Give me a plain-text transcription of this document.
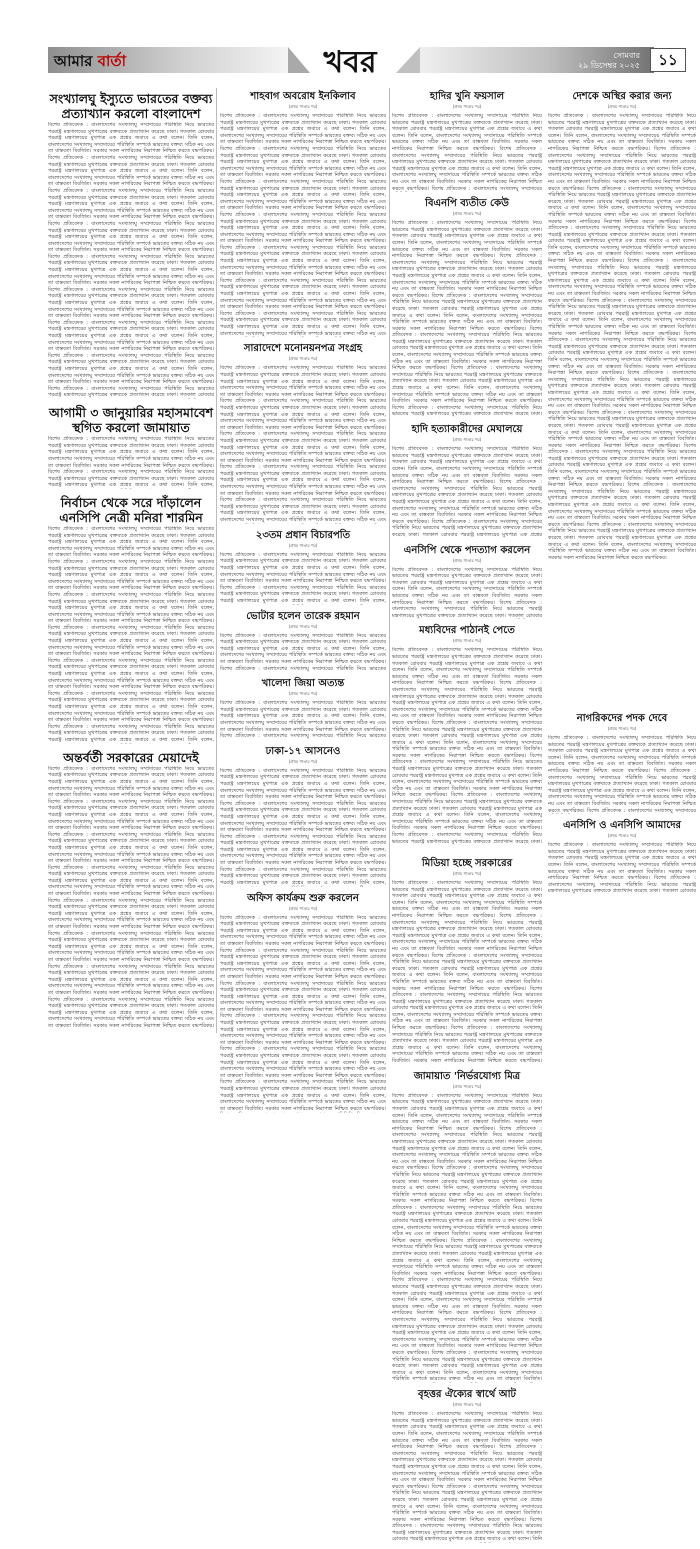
আমার বার্তা	খবর	সোমবার
২৯ ডিসেম্বর ২০২৫	১১
সংখ্যালঘু ইস্যুতে ভারতের বক্তব্য প্রত্যাখ্যান করলো বাংলাদেশ
বিশেষ প্রতিবেদক : বাংলাদেশের সংখ্যালঘু সম্প্রদায়ের পরিস্থিতি নিয়ে ভারতের পররাষ্ট্র মন্ত্রণালয়ের মুখপাত্রের বক্তব্যকে প্রত্যাখ্যান করেছে ঢাকা। গতকাল রোববার পররাষ্ট্র মন্ত্রণালয়ের মুখপাত্র এক প্রশ্নের জবাবে এ কথা বলেন। তিনি বলেন, বাংলাদেশের সংখ্যালঘু সম্প্রদায়ের পরিস্থিতি সম্পর্কে ভারতের বক্তব্য সঠিক নয় এবং তা বাস্তবতা বিবর্জিত। সরকার সকল নাগরিকের নিরাপত্তা নিশ্চিত করতে বদ্ধপরিকর। বিশেষ প্রতিবেদক : বাংলাদেশের সংখ্যালঘু সম্প্রদায়ের পরিস্থিতি নিয়ে ভারতের পররাষ্ট্র মন্ত্রণালয়ের মুখপাত্রের বক্তব্যকে প্রত্যাখ্যান করেছে ঢাকা। গতকাল রোববার পররাষ্ট্র মন্ত্রণালয়ের মুখপাত্র এক প্রশ্নের জবাবে এ কথা বলেন। তিনি বলেন, বাংলাদেশের সংখ্যালঘু সম্প্রদায়ের পরিস্থিতি সম্পর্কে ভারতের বক্তব্য সঠিক নয় এবং তা বাস্তবতা বিবর্জিত। সরকার সকল নাগরিকের নিরাপত্তা নিশ্চিত করতে বদ্ধপরিকর। বিশেষ প্রতিবেদক : বাংলাদেশের সংখ্যালঘু সম্প্রদায়ের পরিস্থিতি নিয়ে ভারতের পররাষ্ট্র মন্ত্রণালয়ের মুখপাত্রের বক্তব্যকে প্রত্যাখ্যান করেছে ঢাকা। গতকাল রোববার পররাষ্ট্র মন্ত্রণালয়ের মুখপাত্র এক প্রশ্নের জবাবে এ কথা বলেন। তিনি বলেন, বাংলাদেশের সংখ্যালঘু সম্প্রদায়ের পরিস্থিতি সম্পর্কে ভারতের বক্তব্য সঠিক নয় এবং তা বাস্তবতা বিবর্জিত। সরকার সকল নাগরিকের নিরাপত্তা নিশ্চিত করতে বদ্ধপরিকর। বিশেষ প্রতিবেদক : বাংলাদেশের সংখ্যালঘু সম্প্রদায়ের পরিস্থিতি নিয়ে ভারতের পররাষ্ট্র মন্ত্রণালয়ের মুখপাত্রের বক্তব্যকে প্রত্যাখ্যান করেছে ঢাকা। গতকাল রোববার পররাষ্ট্র মন্ত্রণালয়ের মুখপাত্র এক প্রশ্নের জবাবে এ কথা বলেন। তিনি বলেন, বাংলাদেশের সংখ্যালঘু সম্প্রদায়ের পরিস্থিতি সম্পর্কে ভারতের বক্তব্য সঠিক নয় এবং তা বাস্তবতা বিবর্জিত। সরকার সকল নাগরিকের নিরাপত্তা নিশ্চিত করতে বদ্ধপরিকর। বিশেষ প্রতিবেদক : বাংলাদেশের সংখ্যালঘু সম্প্রদায়ের পরিস্থিতি নিয়ে ভারতের পররাষ্ট্র মন্ত্রণালয়ের মুখপাত্রের বক্তব্যকে প্রত্যাখ্যান করেছে ঢাকা। গতকাল রোববার পররাষ্ট্র মন্ত্রণালয়ের মুখপাত্র এক প্রশ্নের জবাবে এ কথা বলেন। তিনি বলেন, বাংলাদেশের সংখ্যালঘু সম্প্রদায়ের পরিস্থিতি সম্পর্কে ভারতের বক্তব্য সঠিক নয় এবং তা বাস্তবতা বিবর্জিত। সরকার সকল নাগরিকের নিরাপত্তা নিশ্চিত করতে বদ্ধপরিকর। বিশেষ প্রতিবেদক : বাংলাদেশের সংখ্যালঘু সম্প্রদায়ের পরিস্থিতি নিয়ে ভারতের পররাষ্ট্র মন্ত্রণালয়ের মুখপাত্রের বক্তব্যকে প্রত্যাখ্যান করেছে ঢাকা। গতকাল রোববার পররাষ্ট্র মন্ত্রণালয়ের মুখপাত্র এক প্রশ্নের জবাবে এ কথা বলেন। তিনি বলেন, বাংলাদেশের সংখ্যালঘু সম্প্রদায়ের পরিস্থিতি সম্পর্কে ভারতের বক্তব্য সঠিক নয় এবং তা বাস্তবতা বিবর্জিত। সরকার সকল নাগরিকের নিরাপত্তা নিশ্চিত করতে বদ্ধপরিকর। বিশেষ প্রতিবেদক : বাংলাদেশের সংখ্যালঘু সম্প্রদায়ের পরিস্থিতি নিয়ে ভারতের পররাষ্ট্র মন্ত্রণালয়ের মুখপাত্রের বক্তব্যকে প্রত্যাখ্যান করেছে ঢাকা। গতকাল রোববার পররাষ্ট্র মন্ত্রণালয়ের মুখপাত্র এক প্রশ্নের জবাবে এ কথা বলেন। তিনি বলেন, বাংলাদেশের সংখ্যালঘু সম্প্রদায়ের পরিস্থিতি সম্পর্কে ভারতের বক্তব্য সঠিক নয় এবং তা বাস্তবতা বিবর্জিত। সরকার সকল নাগরিকের নিরাপত্তা নিশ্চিত করতে বদ্ধপরিকর। বিশেষ প্রতিবেদক : বাংলাদেশের সংখ্যালঘু সম্প্রদায়ের পরিস্থিতি নিয়ে ভারতের পররাষ্ট্র মন্ত্রণালয়ের মুখপাত্রের বক্তব্যকে প্রত্যাখ্যান করেছে ঢাকা। গতকাল রোববার পররাষ্ট্র মন্ত্রণালয়ের মুখপাত্র এক প্রশ্নের জবাবে এ কথা বলেন। তিনি বলেন, বাংলাদেশের সংখ্যালঘু সম্প্রদায়ের পরিস্থিতি সম্পর্কে ভারতের বক্তব্য সঠিক নয় এবং তা বাস্তবতা বিবর্জিত। সরকার সকল নাগরিকের নিরাপত্তা নিশ্চিত করতে বদ্ধপরিকর। বিশেষ প্রতিবেদক : বাংলাদেশের সংখ্যালঘু সম্প্রদায়ের পরিস্থিতি নিয়ে ভারতের পররাষ্ট্র মন্ত্রণালয়ের মুখপাত্রের বক্তব্যকে প্রত্যাখ্যান করেছে ঢাকা। গতকাল রোববার
আগামী ৩ জানুয়ারির মহাসমাবেশ স্থগিত করলো জামায়াত
বিশেষ প্রতিবেদক : বাংলাদেশের সংখ্যালঘু সম্প্রদায়ের পরিস্থিতি নিয়ে ভারতের পররাষ্ট্র মন্ত্রণালয়ের মুখপাত্রের বক্তব্যকে প্রত্যাখ্যান করেছে ঢাকা। গতকাল রোববার পররাষ্ট্র মন্ত্রণালয়ের মুখপাত্র এক প্রশ্নের জবাবে এ কথা বলেন। তিনি বলেন, বাংলাদেশের সংখ্যালঘু সম্প্রদায়ের পরিস্থিতি সম্পর্কে ভারতের বক্তব্য সঠিক নয় এবং তা বাস্তবতা বিবর্জিত। সরকার সকল নাগরিকের নিরাপত্তা নিশ্চিত করতে বদ্ধপরিকর। বিশেষ প্রতিবেদক : বাংলাদেশের সংখ্যালঘু সম্প্রদায়ের পরিস্থিতি নিয়ে ভারতের পররাষ্ট্র মন্ত্রণালয়ের মুখপাত্রের বক্তব্যকে প্রত্যাখ্যান করেছে ঢাকা। গতকাল রোববার পররাষ্ট্র মন্ত্রণালয়ের মুখপাত্র এক প্রশ্নের জবাবে এ কথা বলেন। তিনি বলেন,
নির্বাচন থেকে সরে দাঁড়ালেন এনসিপি নেত্রী মনিরা শারমিন
বিশেষ প্রতিবেদক : বাংলাদেশের সংখ্যালঘু সম্প্রদায়ের পরিস্থিতি নিয়ে ভারতের পররাষ্ট্র মন্ত্রণালয়ের মুখপাত্রের বক্তব্যকে প্রত্যাখ্যান করেছে ঢাকা। গতকাল রোববার পররাষ্ট্র মন্ত্রণালয়ের মুখপাত্র এক প্রশ্নের জবাবে এ কথা বলেন। তিনি বলেন, বাংলাদেশের সংখ্যালঘু সম্প্রদায়ের পরিস্থিতি সম্পর্কে ভারতের বক্তব্য সঠিক নয় এবং তা বাস্তবতা বিবর্জিত। সরকার সকল নাগরিকের নিরাপত্তা নিশ্চিত করতে বদ্ধপরিকর। বিশেষ প্রতিবেদক : বাংলাদেশের সংখ্যালঘু সম্প্রদায়ের পরিস্থিতি নিয়ে ভারতের পররাষ্ট্র মন্ত্রণালয়ের মুখপাত্রের বক্তব্যকে প্রত্যাখ্যান করেছে ঢাকা। গতকাল রোববার পররাষ্ট্র মন্ত্রণালয়ের মুখপাত্র এক প্রশ্নের জবাবে এ কথা বলেন। তিনি বলেন, বাংলাদেশের সংখ্যালঘু সম্প্রদায়ের পরিস্থিতি সম্পর্কে ভারতের বক্তব্য সঠিক নয় এবং তা বাস্তবতা বিবর্জিত। সরকার সকল নাগরিকের নিরাপত্তা নিশ্চিত করতে বদ্ধপরিকর। বিশেষ প্রতিবেদক : বাংলাদেশের সংখ্যালঘু সম্প্রদায়ের পরিস্থিতি নিয়ে ভারতের পররাষ্ট্র মন্ত্রণালয়ের মুখপাত্রের বক্তব্যকে প্রত্যাখ্যান করেছে ঢাকা। গতকাল রোববার পররাষ্ট্র মন্ত্রণালয়ের মুখপাত্র এক প্রশ্নের জবাবে এ কথা বলেন। তিনি বলেন, বাংলাদেশের সংখ্যালঘু সম্প্রদায়ের পরিস্থিতি সম্পর্কে ভারতের বক্তব্য সঠিক নয় এবং তা বাস্তবতা বিবর্জিত। সরকার সকল নাগরিকের নিরাপত্তা নিশ্চিত করতে বদ্ধপরিকর। বিশেষ প্রতিবেদক : বাংলাদেশের সংখ্যালঘু সম্প্রদায়ের পরিস্থিতি নিয়ে ভারতের পররাষ্ট্র মন্ত্রণালয়ের মুখপাত্রের বক্তব্যকে প্রত্যাখ্যান করেছে ঢাকা। গতকাল রোববার পররাষ্ট্র মন্ত্রণালয়ের মুখপাত্র এক প্রশ্নের জবাবে এ কথা বলেন। তিনি বলেন, বাংলাদেশের সংখ্যালঘু সম্প্রদায়ের পরিস্থিতি সম্পর্কে ভারতের বক্তব্য সঠিক নয় এবং তা বাস্তবতা বিবর্জিত। সরকার সকল নাগরিকের নিরাপত্তা নিশ্চিত করতে বদ্ধপরিকর। বিশেষ প্রতিবেদক : বাংলাদেশের সংখ্যালঘু সম্প্রদায়ের পরিস্থিতি নিয়ে ভারতের পররাষ্ট্র মন্ত্রণালয়ের মুখপাত্রের বক্তব্যকে প্রত্যাখ্যান করেছে ঢাকা। গতকাল রোববার পররাষ্ট্র মন্ত্রণালয়ের মুখপাত্র এক প্রশ্নের জবাবে এ কথা বলেন। তিনি বলেন, বাংলাদেশের সংখ্যালঘু সম্প্রদায়ের পরিস্থিতি সম্পর্কে ভারতের বক্তব্য সঠিক নয় এবং তা বাস্তবতা বিবর্জিত। সরকার সকল নাগরিকের নিরাপত্তা নিশ্চিত করতে বদ্ধপরিকর। বিশেষ প্রতিবেদক : বাংলাদেশের সংখ্যালঘু সম্প্রদায়ের পরিস্থিতি নিয়ে ভারতের পররাষ্ট্র মন্ত্রণালয়ের মুখপাত্রের বক্তব্যকে প্রত্যাখ্যান করেছে ঢাকা। গতকাল রোববার পররাষ্ট্র মন্ত্রণালয়ের মুখপাত্র এক প্রশ্নের জবাবে এ কথা বলেন। তিনি বলেন, বাংলাদেশের সংখ্যালঘু সম্প্রদায়ের পরিস্থিতি সম্পর্কে ভারতের বক্তব্য সঠিক নয় এবং তা বাস্তবতা বিবর্জিত। সরকার সকল নাগরিকের নিরাপত্তা নিশ্চিত করতে বদ্ধপরিকর। বিশেষ প্রতিবেদক : বাংলাদেশের সংখ্যালঘু সম্প্রদায়ের পরিস্থিতি নিয়ে ভারতের পররাষ্ট্র মন্ত্রণালয়ের মুখপাত্রের বক্তব্যকে প্রত্যাখ্যান করেছে ঢাকা। গতকাল রোববার পররাষ্ট্র মন্ত্রণালয়ের মুখপাত্র এক প্রশ্নের জবাবে এ কথা বলেন। তিনি বলেন,
অন্তর্বর্তী সরকারের মেয়াদেই
বিশেষ প্রতিবেদক : বাংলাদেশের সংখ্যালঘু সম্প্রদায়ের পরিস্থিতি নিয়ে ভারতের পররাষ্ট্র মন্ত্রণালয়ের মুখপাত্রের বক্তব্যকে প্রত্যাখ্যান করেছে ঢাকা। গতকাল রোববার পররাষ্ট্র মন্ত্রণালয়ের মুখপাত্র এক প্রশ্নের জবাবে এ কথা বলেন। তিনি বলেন, বাংলাদেশের সংখ্যালঘু সম্প্রদায়ের পরিস্থিতি সম্পর্কে ভারতের বক্তব্য সঠিক নয় এবং তা বাস্তবতা বিবর্জিত। সরকার সকল নাগরিকের নিরাপত্তা নিশ্চিত করতে বদ্ধপরিকর। বিশেষ প্রতিবেদক : বাংলাদেশের সংখ্যালঘু সম্প্রদায়ের পরিস্থিতি নিয়ে ভারতের পররাষ্ট্র মন্ত্রণালয়ের মুখপাত্রের বক্তব্যকে প্রত্যাখ্যান করেছে ঢাকা। গতকাল রোববার পররাষ্ট্র মন্ত্রণালয়ের মুখপাত্র এক প্রশ্নের জবাবে এ কথা বলেন। তিনি বলেন, বাংলাদেশের সংখ্যালঘু সম্প্রদায়ের পরিস্থিতি সম্পর্কে ভারতের বক্তব্য সঠিক নয় এবং তা বাস্তবতা বিবর্জিত। সরকার সকল নাগরিকের নিরাপত্তা নিশ্চিত করতে বদ্ধপরিকর। বিশেষ প্রতিবেদক : বাংলাদেশের সংখ্যালঘু সম্প্রদায়ের পরিস্থিতি নিয়ে ভারতের পররাষ্ট্র মন্ত্রণালয়ের মুখপাত্রের বক্তব্যকে প্রত্যাখ্যান করেছে ঢাকা। গতকাল রোববার পররাষ্ট্র মন্ত্রণালয়ের মুখপাত্র এক প্রশ্নের জবাবে এ কথা বলেন। তিনি বলেন, বাংলাদেশের সংখ্যালঘু সম্প্রদায়ের পরিস্থিতি সম্পর্কে ভারতের বক্তব্য সঠিক নয় এবং তা বাস্তবতা বিবর্জিত। সরকার সকল নাগরিকের নিরাপত্তা নিশ্চিত করতে বদ্ধপরিকর। বিশেষ প্রতিবেদক : বাংলাদেশের সংখ্যালঘু সম্প্রদায়ের পরিস্থিতি নিয়ে ভারতের পররাষ্ট্র মন্ত্রণালয়ের মুখপাত্রের বক্তব্যকে প্রত্যাখ্যান করেছে ঢাকা। গতকাল রোববার পররাষ্ট্র মন্ত্রণালয়ের মুখপাত্র এক প্রশ্নের জবাবে এ কথা বলেন। তিনি বলেন, বাংলাদেশের সংখ্যালঘু সম্প্রদায়ের পরিস্থিতি সম্পর্কে ভারতের বক্তব্য সঠিক নয় এবং তা বাস্তবতা বিবর্জিত। সরকার সকল নাগরিকের নিরাপত্তা নিশ্চিত করতে বদ্ধপরিকর। বিশেষ প্রতিবেদক : বাংলাদেশের সংখ্যালঘু সম্প্রদায়ের পরিস্থিতি নিয়ে ভারতের পররাষ্ট্র মন্ত্রণালয়ের মুখপাত্রের বক্তব্যকে প্রত্যাখ্যান করেছে ঢাকা। গতকাল রোববার পররাষ্ট্র মন্ত্রণালয়ের মুখপাত্র এক প্রশ্নের জবাবে এ কথা বলেন। তিনি বলেন, বাংলাদেশের সংখ্যালঘু সম্প্রদায়ের পরিস্থিতি সম্পর্কে ভারতের বক্তব্য সঠিক নয় এবং তা বাস্তবতা বিবর্জিত। সরকার সকল নাগরিকের নিরাপত্তা নিশ্চিত করতে বদ্ধপরিকর। বিশেষ প্রতিবেদক : বাংলাদেশের সংখ্যালঘু সম্প্রদায়ের পরিস্থিতি নিয়ে ভারতের পররাষ্ট্র মন্ত্রণালয়ের মুখপাত্রের বক্তব্যকে প্রত্যাখ্যান করেছে ঢাকা। গতকাল রোববার পররাষ্ট্র মন্ত্রণালয়ের মুখপাত্র এক প্রশ্নের জবাবে এ কথা বলেন। তিনি বলেন, বাংলাদেশের সংখ্যালঘু সম্প্রদায়ের পরিস্থিতি সম্পর্কে ভারতের বক্তব্য সঠিক নয় এবং তা বাস্তবতা বিবর্জিত। সরকার সকল নাগরিকের নিরাপত্তা নিশ্চিত করতে বদ্ধপরিকর। বিশেষ প্রতিবেদক : বাংলাদেশের সংখ্যালঘু সম্প্রদায়ের পরিস্থিতি নিয়ে ভারতের পররাষ্ট্র মন্ত্রণালয়ের মুখপাত্রের বক্তব্যকে প্রত্যাখ্যান করেছে ঢাকা। গতকাল রোববার পররাষ্ট্র মন্ত্রণালয়ের মুখপাত্র এক প্রশ্নের জবাবে এ কথা বলেন। তিনি বলেন, বাংলাদেশের সংখ্যালঘু সম্প্রদায়ের পরিস্থিতি সম্পর্কে ভারতের বক্তব্য সঠিক নয় এবং তা বাস্তবতা বিবর্জিত। সরকার সকল নাগরিকের নিরাপত্তা নিশ্চিত করতে বদ্ধপরিকর। বিশেষ প্রতিবেদক : বাংলাদেশের সংখ্যালঘু সম্প্রদায়ের পরিস্থিতি নিয়ে ভারতের পররাষ্ট্র মন্ত্রণালয়ের মুখপাত্রের বক্তব্যকে প্রত্যাখ্যান করেছে ঢাকা। গতকাল রোববার পররাষ্ট্র মন্ত্রণালয়ের মুখপাত্র এক প্রশ্নের জবাবে এ কথা বলেন। তিনি বলেন, বাংলাদেশের সংখ্যালঘু সম্প্রদায়ের পরিস্থিতি সম্পর্কে ভারতের বক্তব্য সঠিক নয় এবং তা বাস্তবতা বিবর্জিত। সরকার সকল নাগরিকের নিরাপত্তা নিশ্চিত করতে বদ্ধপরিকর।
শাহবাগ অবরোধ ইনকিলাব
(প্রথম পাতার পর)
বিশেষ প্রতিবেদক : বাংলাদেশের সংখ্যালঘু সম্প্রদায়ের পরিস্থিতি নিয়ে ভারতের পররাষ্ট্র মন্ত্রণালয়ের মুখপাত্রের বক্তব্যকে প্রত্যাখ্যান করেছে ঢাকা। গতকাল রোববার পররাষ্ট্র মন্ত্রণালয়ের মুখপাত্র এক প্রশ্নের জবাবে এ কথা বলেন। তিনি বলেন, বাংলাদেশের সংখ্যালঘু সম্প্রদায়ের পরিস্থিতি সম্পর্কে ভারতের বক্তব্য সঠিক নয় এবং তা বাস্তবতা বিবর্জিত। সরকার সকল নাগরিকের নিরাপত্তা নিশ্চিত করতে বদ্ধপরিকর। বিশেষ প্রতিবেদক : বাংলাদেশের সংখ্যালঘু সম্প্রদায়ের পরিস্থিতি নিয়ে ভারতের পররাষ্ট্র মন্ত্রণালয়ের মুখপাত্রের বক্তব্যকে প্রত্যাখ্যান করেছে ঢাকা। গতকাল রোববার পররাষ্ট্র মন্ত্রণালয়ের মুখপাত্র এক প্রশ্নের জবাবে এ কথা বলেন। তিনি বলেন, বাংলাদেশের সংখ্যালঘু সম্প্রদায়ের পরিস্থিতি সম্পর্কে ভারতের বক্তব্য সঠিক নয় এবং তা বাস্তবতা বিবর্জিত। সরকার সকল নাগরিকের নিরাপত্তা নিশ্চিত করতে বদ্ধপরিকর। বিশেষ প্রতিবেদক : বাংলাদেশের সংখ্যালঘু সম্প্রদায়ের পরিস্থিতি নিয়ে ভারতের পররাষ্ট্র মন্ত্রণালয়ের মুখপাত্রের বক্তব্যকে প্রত্যাখ্যান করেছে ঢাকা। গতকাল রোববার পররাষ্ট্র মন্ত্রণালয়ের মুখপাত্র এক প্রশ্নের জবাবে এ কথা বলেন। তিনি বলেন, বাংলাদেশের সংখ্যালঘু সম্প্রদায়ের পরিস্থিতি সম্পর্কে ভারতের বক্তব্য সঠিক নয় এবং তা বাস্তবতা বিবর্জিত। সরকার সকল নাগরিকের নিরাপত্তা নিশ্চিত করতে বদ্ধপরিকর। বিশেষ প্রতিবেদক : বাংলাদেশের সংখ্যালঘু সম্প্রদায়ের পরিস্থিতি নিয়ে ভারতের পররাষ্ট্র মন্ত্রণালয়ের মুখপাত্রের বক্তব্যকে প্রত্যাখ্যান করেছে ঢাকা। গতকাল রোববার পররাষ্ট্র মন্ত্রণালয়ের মুখপাত্র এক প্রশ্নের জবাবে এ কথা বলেন। তিনি বলেন, বাংলাদেশের সংখ্যালঘু সম্প্রদায়ের পরিস্থিতি সম্পর্কে ভারতের বক্তব্য সঠিক নয় এবং তা বাস্তবতা বিবর্জিত। সরকার সকল নাগরিকের নিরাপত্তা নিশ্চিত করতে বদ্ধপরিকর। বিশেষ প্রতিবেদক : বাংলাদেশের সংখ্যালঘু সম্প্রদায়ের পরিস্থিতি নিয়ে ভারতের পররাষ্ট্র মন্ত্রণালয়ের মুখপাত্রের বক্তব্যকে প্রত্যাখ্যান করেছে ঢাকা। গতকাল রোববার পররাষ্ট্র মন্ত্রণালয়ের মুখপাত্র এক প্রশ্নের জবাবে এ কথা বলেন। তিনি বলেন, বাংলাদেশের সংখ্যালঘু সম্প্রদায়ের পরিস্থিতি সম্পর্কে ভারতের বক্তব্য সঠিক নয় এবং তা বাস্তবতা বিবর্জিত। সরকার সকল নাগরিকের নিরাপত্তা নিশ্চিত করতে বদ্ধপরিকর। বিশেষ প্রতিবেদক : বাংলাদেশের সংখ্যালঘু সম্প্রদায়ের পরিস্থিতি নিয়ে ভারতের পররাষ্ট্র মন্ত্রণালয়ের মুখপাত্রের বক্তব্যকে প্রত্যাখ্যান করেছে ঢাকা। গতকাল রোববার পররাষ্ট্র মন্ত্রণালয়ের মুখপাত্র এক প্রশ্নের জবাবে এ কথা বলেন। তিনি বলেন, বাংলাদেশের সংখ্যালঘু সম্প্রদায়ের পরিস্থিতি সম্পর্কে ভারতের বক্তব্য সঠিক নয় এবং তা বাস্তবতা বিবর্জিত। সরকার সকল নাগরিকের নিরাপত্তা নিশ্চিত করতে বদ্ধপরিকর। বিশেষ প্রতিবেদক : বাংলাদেশের সংখ্যালঘু সম্প্রদায়ের পরিস্থিতি নিয়ে ভারতের পররাষ্ট্র মন্ত্রণালয়ের মুখপাত্রের বক্তব্যকে প্রত্যাখ্যান করেছে ঢাকা। গতকাল রোববার পররাষ্ট্র মন্ত্রণালয়ের মুখপাত্র এক প্রশ্নের জবাবে এ কথা বলেন। তিনি বলেন, বাংলাদেশের সংখ্যালঘু সম্প্রদায়ের পরিস্থিতি সম্পর্কে ভারতের বক্তব্য সঠিক নয় এবং
সারাদেশে মনোনয়নপত্র সংগ্রহ
(প্রথম পাতার পর)
বিশেষ প্রতিবেদক : বাংলাদেশের সংখ্যালঘু সম্প্রদায়ের পরিস্থিতি নিয়ে ভারতের পররাষ্ট্র মন্ত্রণালয়ের মুখপাত্রের বক্তব্যকে প্রত্যাখ্যান করেছে ঢাকা। গতকাল রোববার পররাষ্ট্র মন্ত্রণালয়ের মুখপাত্র এক প্রশ্নের জবাবে এ কথা বলেন। তিনি বলেন, বাংলাদেশের সংখ্যালঘু সম্প্রদায়ের পরিস্থিতি সম্পর্কে ভারতের বক্তব্য সঠিক নয় এবং তা বাস্তবতা বিবর্জিত। সরকার সকল নাগরিকের নিরাপত্তা নিশ্চিত করতে বদ্ধপরিকর। বিশেষ প্রতিবেদক : বাংলাদেশের সংখ্যালঘু সম্প্রদায়ের পরিস্থিতি নিয়ে ভারতের পররাষ্ট্র মন্ত্রণালয়ের মুখপাত্রের বক্তব্যকে প্রত্যাখ্যান করেছে ঢাকা। গতকাল রোববার পররাষ্ট্র মন্ত্রণালয়ের মুখপাত্র এক প্রশ্নের জবাবে এ কথা বলেন। তিনি বলেন, বাংলাদেশের সংখ্যালঘু সম্প্রদায়ের পরিস্থিতি সম্পর্কে ভারতের বক্তব্য সঠিক নয় এবং তা বাস্তবতা বিবর্জিত। সরকার সকল নাগরিকের নিরাপত্তা নিশ্চিত করতে বদ্ধপরিকর। বিশেষ প্রতিবেদক : বাংলাদেশের সংখ্যালঘু সম্প্রদায়ের পরিস্থিতি নিয়ে ভারতের পররাষ্ট্র মন্ত্রণালয়ের মুখপাত্রের বক্তব্যকে প্রত্যাখ্যান করেছে ঢাকা। গতকাল রোববার পররাষ্ট্র মন্ত্রণালয়ের মুখপাত্র এক প্রশ্নের জবাবে এ কথা বলেন। তিনি বলেন, বাংলাদেশের সংখ্যালঘু সম্প্রদায়ের পরিস্থিতি সম্পর্কে ভারতের বক্তব্য সঠিক নয় এবং তা বাস্তবতা বিবর্জিত। সরকার সকল নাগরিকের নিরাপত্তা নিশ্চিত করতে বদ্ধপরিকর। বিশেষ প্রতিবেদক : বাংলাদেশের সংখ্যালঘু সম্প্রদায়ের পরিস্থিতি নিয়ে ভারতের পররাষ্ট্র মন্ত্রণালয়ের মুখপাত্রের বক্তব্যকে প্রত্যাখ্যান করেছে ঢাকা। গতকাল রোববার পররাষ্ট্র মন্ত্রণালয়ের মুখপাত্র এক প্রশ্নের জবাবে এ কথা বলেন। তিনি বলেন, বাংলাদেশের সংখ্যালঘু সম্প্রদায়ের পরিস্থিতি সম্পর্কে ভারতের বক্তব্য সঠিক নয় এবং তা বাস্তবতা বিবর্জিত। সরকার সকল নাগরিকের নিরাপত্তা নিশ্চিত করতে বদ্ধপরিকর। বিশেষ প্রতিবেদক : বাংলাদেশের সংখ্যালঘু সম্প্রদায়ের পরিস্থিতি নিয়ে ভারতের পররাষ্ট্র মন্ত্রণালয়ের মুখপাত্রের বক্তব্যকে প্রত্যাখ্যান করেছে ঢাকা। গতকাল রোববার পররাষ্ট্র মন্ত্রণালয়ের মুখপাত্র এক প্রশ্নের জবাবে এ কথা বলেন। তিনি বলেন, বাংলাদেশের সংখ্যালঘু সম্প্রদায়ের পরিস্থিতি সম্পর্কে ভারতের বক্তব্য সঠিক নয় এবং
২৩তম প্রধান বিচারপতি
(প্রথম পাতার পর)
বিশেষ প্রতিবেদক : বাংলাদেশের সংখ্যালঘু সম্প্রদায়ের পরিস্থিতি নিয়ে ভারতের পররাষ্ট্র মন্ত্রণালয়ের মুখপাত্রের বক্তব্যকে প্রত্যাখ্যান করেছে ঢাকা। গতকাল রোববার পররাষ্ট্র মন্ত্রণালয়ের মুখপাত্র এক প্রশ্নের জবাবে এ কথা বলেন। তিনি বলেন, বাংলাদেশের সংখ্যালঘু সম্প্রদায়ের পরিস্থিতি সম্পর্কে ভারতের বক্তব্য সঠিক নয় এবং তা বাস্তবতা বিবর্জিত। সরকার সকল নাগরিকের নিরাপত্তা নিশ্চিত করতে বদ্ধপরিকর। বিশেষ প্রতিবেদক : বাংলাদেশের সংখ্যালঘু সম্প্রদায়ের পরিস্থিতি নিয়ে ভারতের পররাষ্ট্র মন্ত্রণালয়ের মুখপাত্রের বক্তব্যকে প্রত্যাখ্যান করেছে ঢাকা। গতকাল রোববার পররাষ্ট্র মন্ত্রণালয়ের মুখপাত্র এক প্রশ্নের জবাবে এ কথা বলেন। তিনি বলেন,
ভোটার হলেন তারেক রহমান
(প্রথম পাতার পর)
বিশেষ প্রতিবেদক : বাংলাদেশের সংখ্যালঘু সম্প্রদায়ের পরিস্থিতি নিয়ে ভারতের পররাষ্ট্র মন্ত্রণালয়ের মুখপাত্রের বক্তব্যকে প্রত্যাখ্যান করেছে ঢাকা। গতকাল রোববার পররাষ্ট্র মন্ত্রণালয়ের মুখপাত্র এক প্রশ্নের জবাবে এ কথা বলেন। তিনি বলেন, বাংলাদেশের সংখ্যালঘু সম্প্রদায়ের পরিস্থিতি সম্পর্কে ভারতের বক্তব্য সঠিক নয় এবং তা বাস্তবতা বিবর্জিত। সরকার সকল নাগরিকের নিরাপত্তা নিশ্চিত করতে বদ্ধপরিকর। বিশেষ প্রতিবেদক : বাংলাদেশের সংখ্যালঘু সম্প্রদায়ের পরিস্থিতি নিয়ে ভারতের
খালেদা জিয়া অত্যন্ত
(প্রথম পাতার পর)
বিশেষ প্রতিবেদক : বাংলাদেশের সংখ্যালঘু সম্প্রদায়ের পরিস্থিতি নিয়ে ভারতের পররাষ্ট্র মন্ত্রণালয়ের মুখপাত্রের বক্তব্যকে প্রত্যাখ্যান করেছে ঢাকা। গতকাল রোববার পররাষ্ট্র মন্ত্রণালয়ের মুখপাত্র এক প্রশ্নের জবাবে এ কথা বলেন। তিনি বলেন, বাংলাদেশের সংখ্যালঘু সম্প্রদায়ের পরিস্থিতি সম্পর্কে ভারতের বক্তব্য সঠিক নয় এবং তা বাস্তবতা বিবর্জিত। সরকার সকল নাগরিকের নিরাপত্তা নিশ্চিত করতে বদ্ধপরিকর। বিশেষ প্রতিবেদক : বাংলাদেশের সংখ্যালঘু সম্প্রদায়ের পরিস্থিতি নিয়ে ভারতের
ঢাকা-১৭ আসনেও
(প্রথম পাতার পর)
বিশেষ প্রতিবেদক : বাংলাদেশের সংখ্যালঘু সম্প্রদায়ের পরিস্থিতি নিয়ে ভারতের পররাষ্ট্র মন্ত্রণালয়ের মুখপাত্রের বক্তব্যকে প্রত্যাখ্যান করেছে ঢাকা। গতকাল রোববার পররাষ্ট্র মন্ত্রণালয়ের মুখপাত্র এক প্রশ্নের জবাবে এ কথা বলেন। তিনি বলেন, বাংলাদেশের সংখ্যালঘু সম্প্রদায়ের পরিস্থিতি সম্পর্কে ভারতের বক্তব্য সঠিক নয় এবং তা বাস্তবতা বিবর্জিত। সরকার সকল নাগরিকের নিরাপত্তা নিশ্চিত করতে বদ্ধপরিকর। বিশেষ প্রতিবেদক : বাংলাদেশের সংখ্যালঘু সম্প্রদায়ের পরিস্থিতি নিয়ে ভারতের পররাষ্ট্র মন্ত্রণালয়ের মুখপাত্রের বক্তব্যকে প্রত্যাখ্যান করেছে ঢাকা। গতকাল রোববার পররাষ্ট্র মন্ত্রণালয়ের মুখপাত্র এক প্রশ্নের জবাবে এ কথা বলেন। তিনি বলেন, বাংলাদেশের সংখ্যালঘু সম্প্রদায়ের পরিস্থিতি সম্পর্কে ভারতের বক্তব্য সঠিক নয় এবং তা বাস্তবতা বিবর্জিত। সরকার সকল নাগরিকের নিরাপত্তা নিশ্চিত করতে বদ্ধপরিকর। বিশেষ প্রতিবেদক : বাংলাদেশের সংখ্যালঘু সম্প্রদায়ের পরিস্থিতি নিয়ে ভারতের পররাষ্ট্র মন্ত্রণালয়ের মুখপাত্রের বক্তব্যকে প্রত্যাখ্যান করেছে ঢাকা। গতকাল রোববার পররাষ্ট্র মন্ত্রণালয়ের মুখপাত্র এক প্রশ্নের জবাবে এ কথা বলেন। তিনি বলেন, বাংলাদেশের সংখ্যালঘু সম্প্রদায়ের পরিস্থিতি সম্পর্কে ভারতের বক্তব্য সঠিক নয় এবং তা বাস্তবতা বিবর্জিত। সরকার সকল নাগরিকের নিরাপত্তা নিশ্চিত করতে বদ্ধপরিকর। বিশেষ প্রতিবেদক : বাংলাদেশের সংখ্যালঘু সম্প্রদায়ের পরিস্থিতি নিয়ে ভারতের পররাষ্ট্র মন্ত্রণালয়ের মুখপাত্রের বক্তব্যকে প্রত্যাখ্যান করেছে ঢাকা। গতকাল রোববার পররাষ্ট্র মন্ত্রণালয়ের মুখপাত্র এক প্রশ্নের জবাবে এ কথা বলেন। তিনি বলেন,
অফিস কার্যক্রম শুরু করলেন
(প্রথম পাতার পর)
বিশেষ প্রতিবেদক : বাংলাদেশের সংখ্যালঘু সম্প্রদায়ের পরিস্থিতি নিয়ে ভারতের পররাষ্ট্র মন্ত্রণালয়ের মুখপাত্রের বক্তব্যকে প্রত্যাখ্যান করেছে ঢাকা। গতকাল রোববার পররাষ্ট্র মন্ত্রণালয়ের মুখপাত্র এক প্রশ্নের জবাবে এ কথা বলেন। তিনি বলেন, বাংলাদেশের সংখ্যালঘু সম্প্রদায়ের পরিস্থিতি সম্পর্কে ভারতের বক্তব্য সঠিক নয় এবং তা বাস্তবতা বিবর্জিত। সরকার সকল নাগরিকের নিরাপত্তা নিশ্চিত করতে বদ্ধপরিকর। বিশেষ প্রতিবেদক : বাংলাদেশের সংখ্যালঘু সম্প্রদায়ের পরিস্থিতি নিয়ে ভারতের পররাষ্ট্র মন্ত্রণালয়ের মুখপাত্রের বক্তব্যকে প্রত্যাখ্যান করেছে ঢাকা। গতকাল রোববার পররাষ্ট্র মন্ত্রণালয়ের মুখপাত্র এক প্রশ্নের জবাবে এ কথা বলেন। তিনি বলেন, বাংলাদেশের সংখ্যালঘু সম্প্রদায়ের পরিস্থিতি সম্পর্কে ভারতের বক্তব্য সঠিক নয় এবং তা বাস্তবতা বিবর্জিত। সরকার সকল নাগরিকের নিরাপত্তা নিশ্চিত করতে বদ্ধপরিকর। বিশেষ প্রতিবেদক : বাংলাদেশের সংখ্যালঘু সম্প্রদায়ের পরিস্থিতি নিয়ে ভারতের পররাষ্ট্র মন্ত্রণালয়ের মুখপাত্রের বক্তব্যকে প্রত্যাখ্যান করেছে ঢাকা। গতকাল রোববার পররাষ্ট্র মন্ত্রণালয়ের মুখপাত্র এক প্রশ্নের জবাবে এ কথা বলেন। তিনি বলেন, বাংলাদেশের সংখ্যালঘু সম্প্রদায়ের পরিস্থিতি সম্পর্কে ভারতের বক্তব্য সঠিক নয় এবং তা বাস্তবতা বিবর্জিত। সরকার সকল নাগরিকের নিরাপত্তা নিশ্চিত করতে বদ্ধপরিকর। বিশেষ প্রতিবেদক : বাংলাদেশের সংখ্যালঘু সম্প্রদায়ের পরিস্থিতি নিয়ে ভারতের পররাষ্ট্র মন্ত্রণালয়ের মুখপাত্রের বক্তব্যকে প্রত্যাখ্যান করেছে ঢাকা। গতকাল রোববার পররাষ্ট্র মন্ত্রণালয়ের মুখপাত্র এক প্রশ্নের জবাবে এ কথা বলেন। তিনি বলেন, বাংলাদেশের সংখ্যালঘু সম্প্রদায়ের পরিস্থিতি সম্পর্কে ভারতের বক্তব্য সঠিক নয় এবং তা বাস্তবতা বিবর্জিত। সরকার সকল নাগরিকের নিরাপত্তা নিশ্চিত করতে বদ্ধপরিকর। বিশেষ প্রতিবেদক : বাংলাদেশের সংখ্যালঘু সম্প্রদায়ের পরিস্থিতি নিয়ে ভারতের পররাষ্ট্র মন্ত্রণালয়ের মুখপাত্রের বক্তব্যকে প্রত্যাখ্যান করেছে ঢাকা। গতকাল রোববার পররাষ্ট্র মন্ত্রণালয়ের মুখপাত্র এক প্রশ্নের জবাবে এ কথা বলেন। তিনি বলেন, বাংলাদেশের সংখ্যালঘু সম্প্রদায়ের পরিস্থিতি সম্পর্কে ভারতের বক্তব্য সঠিক নয় এবং তা বাস্তবতা বিবর্জিত। সরকার সকল নাগরিকের নিরাপত্তা নিশ্চিত করতে বদ্ধপরিকর। বিশেষ প্রতিবেদক : বাংলাদেশের সংখ্যালঘু সম্প্রদায়ের পরিস্থিতি নিয়ে ভারতের পররাষ্ট্র মন্ত্রণালয়ের মুখপাত্রের বক্তব্যকে প্রত্যাখ্যান করেছে ঢাকা। গতকাল রোববার পররাষ্ট্র মন্ত্রণালয়ের মুখপাত্র এক প্রশ্নের জবাবে এ কথা বলেন। তিনি বলেন, বাংলাদেশের সংখ্যালঘু সম্প্রদায়ের পরিস্থিতি সম্পর্কে ভারতের বক্তব্য সঠিক নয় এবং তা বাস্তবতা বিবর্জিত। সরকার সকল নাগরিকের নিরাপত্তা নিশ্চিত করতে বদ্ধপরিকর।
হাদির খুনি ফয়সাল
(প্রথম পাতার পর)
বিশেষ প্রতিবেদক : বাংলাদেশের সংখ্যালঘু সম্প্রদায়ের পরিস্থিতি নিয়ে ভারতের পররাষ্ট্র মন্ত্রণালয়ের মুখপাত্রের বক্তব্যকে প্রত্যাখ্যান করেছে ঢাকা। গতকাল রোববার পররাষ্ট্র মন্ত্রণালয়ের মুখপাত্র এক প্রশ্নের জবাবে এ কথা বলেন। তিনি বলেন, বাংলাদেশের সংখ্যালঘু সম্প্রদায়ের পরিস্থিতি সম্পর্কে ভারতের বক্তব্য সঠিক নয় এবং তা বাস্তবতা বিবর্জিত। সরকার সকল নাগরিকের নিরাপত্তা নিশ্চিত করতে বদ্ধপরিকর। বিশেষ প্রতিবেদক : বাংলাদেশের সংখ্যালঘু সম্প্রদায়ের পরিস্থিতি নিয়ে ভারতের পররাষ্ট্র মন্ত্রণালয়ের মুখপাত্রের বক্তব্যকে প্রত্যাখ্যান করেছে ঢাকা। গতকাল রোববার পররাষ্ট্র মন্ত্রণালয়ের মুখপাত্র এক প্রশ্নের জবাবে এ কথা বলেন। তিনি বলেন, বাংলাদেশের সংখ্যালঘু সম্প্রদায়ের পরিস্থিতি সম্পর্কে ভারতের বক্তব্য সঠিক নয় এবং তা বাস্তবতা বিবর্জিত। সরকার সকল নাগরিকের নিরাপত্তা নিশ্চিত করতে বদ্ধপরিকর। বিশেষ প্রতিবেদক : বাংলাদেশের সংখ্যালঘু সম্প্রদায়ের
বিএনপি ব্যতীত কেউ
(প্রথম পাতার পর)
বিশেষ প্রতিবেদক : বাংলাদেশের সংখ্যালঘু সম্প্রদায়ের পরিস্থিতি নিয়ে ভারতের পররাষ্ট্র মন্ত্রণালয়ের মুখপাত্রের বক্তব্যকে প্রত্যাখ্যান করেছে ঢাকা। গতকাল রোববার পররাষ্ট্র মন্ত্রণালয়ের মুখপাত্র এক প্রশ্নের জবাবে এ কথা বলেন। তিনি বলেন, বাংলাদেশের সংখ্যালঘু সম্প্রদায়ের পরিস্থিতি সম্পর্কে ভারতের বক্তব্য সঠিক নয় এবং তা বাস্তবতা বিবর্জিত। সরকার সকল নাগরিকের নিরাপত্তা নিশ্চিত করতে বদ্ধপরিকর। বিশেষ প্রতিবেদক : বাংলাদেশের সংখ্যালঘু সম্প্রদায়ের পরিস্থিতি নিয়ে ভারতের পররাষ্ট্র মন্ত্রণালয়ের মুখপাত্রের বক্তব্যকে প্রত্যাখ্যান করেছে ঢাকা। গতকাল রোববার পররাষ্ট্র মন্ত্রণালয়ের মুখপাত্র এক প্রশ্নের জবাবে এ কথা বলেন। তিনি বলেন, বাংলাদেশের সংখ্যালঘু সম্প্রদায়ের পরিস্থিতি সম্পর্কে ভারতের বক্তব্য সঠিক নয় এবং তা বাস্তবতা বিবর্জিত। সরকার সকল নাগরিকের নিরাপত্তা নিশ্চিত করতে বদ্ধপরিকর। বিশেষ প্রতিবেদক : বাংলাদেশের সংখ্যালঘু সম্প্রদায়ের পরিস্থিতি নিয়ে ভারতের পররাষ্ট্র মন্ত্রণালয়ের মুখপাত্রের বক্তব্যকে প্রত্যাখ্যান করেছে ঢাকা। গতকাল রোববার পররাষ্ট্র মন্ত্রণালয়ের মুখপাত্র এক প্রশ্নের জবাবে এ কথা বলেন। তিনি বলেন, বাংলাদেশের সংখ্যালঘু সম্প্রদায়ের পরিস্থিতি সম্পর্কে ভারতের বক্তব্য সঠিক নয় এবং তা বাস্তবতা বিবর্জিত। সরকার সকল নাগরিকের নিরাপত্তা নিশ্চিত করতে বদ্ধপরিকর। বিশেষ প্রতিবেদক : বাংলাদেশের সংখ্যালঘু সম্প্রদায়ের পরিস্থিতি নিয়ে ভারতের পররাষ্ট্র মন্ত্রণালয়ের মুখপাত্রের বক্তব্যকে প্রত্যাখ্যান করেছে ঢাকা। গতকাল রোববার পররাষ্ট্র মন্ত্রণালয়ের মুখপাত্র এক প্রশ্নের জবাবে এ কথা বলেন। তিনি বলেন, বাংলাদেশের সংখ্যালঘু সম্প্রদায়ের পরিস্থিতি সম্পর্কে ভারতের বক্তব্য সঠিক নয় এবং তা বাস্তবতা বিবর্জিত। সরকার সকল নাগরিকের নিরাপত্তা নিশ্চিত করতে বদ্ধপরিকর। বিশেষ প্রতিবেদক : বাংলাদেশের সংখ্যালঘু সম্প্রদায়ের পরিস্থিতি নিয়ে ভারতের পররাষ্ট্র মন্ত্রণালয়ের মুখপাত্রের বক্তব্যকে প্রত্যাখ্যান করেছে ঢাকা। গতকাল রোববার পররাষ্ট্র মন্ত্রণালয়ের মুখপাত্র এক প্রশ্নের জবাবে এ কথা বলেন। তিনি বলেন, বাংলাদেশের সংখ্যালঘু সম্প্রদায়ের পরিস্থিতি সম্পর্কে ভারতের বক্তব্য সঠিক নয় এবং তা বাস্তবতা বিবর্জিত। সরকার সকল নাগরিকের নিরাপত্তা নিশ্চিত করতে বদ্ধপরিকর। বিশেষ প্রতিবেদক : বাংলাদেশের সংখ্যালঘু সম্প্রদায়ের পরিস্থিতি নিয়ে ভারতের পররাষ্ট্র মন্ত্রণালয়ের মুখপাত্রের বক্তব্যকে প্রত্যাখ্যান করেছে ঢাকা।
হাদি হত্যাকারীদের মেঘালয়ে
(প্রথম পাতার পর)
বিশেষ প্রতিবেদক : বাংলাদেশের সংখ্যালঘু সম্প্রদায়ের পরিস্থিতি নিয়ে ভারতের পররাষ্ট্র মন্ত্রণালয়ের মুখপাত্রের বক্তব্যকে প্রত্যাখ্যান করেছে ঢাকা। গতকাল রোববার পররাষ্ট্র মন্ত্রণালয়ের মুখপাত্র এক প্রশ্নের জবাবে এ কথা বলেন। তিনি বলেন, বাংলাদেশের সংখ্যালঘু সম্প্রদায়ের পরিস্থিতি সম্পর্কে ভারতের বক্তব্য সঠিক নয় এবং তা বাস্তবতা বিবর্জিত। সরকার সকল নাগরিকের নিরাপত্তা নিশ্চিত করতে বদ্ধপরিকর। বিশেষ প্রতিবেদক : বাংলাদেশের সংখ্যালঘু সম্প্রদায়ের পরিস্থিতি নিয়ে ভারতের পররাষ্ট্র মন্ত্রণালয়ের মুখপাত্রের বক্তব্যকে প্রত্যাখ্যান করেছে ঢাকা। গতকাল রোববার পররাষ্ট্র মন্ত্রণালয়ের মুখপাত্র এক প্রশ্নের জবাবে এ কথা বলেন। তিনি বলেন, বাংলাদেশের সংখ্যালঘু সম্প্রদায়ের পরিস্থিতি সম্পর্কে ভারতের বক্তব্য সঠিক নয় এবং তা বাস্তবতা বিবর্জিত। সরকার সকল নাগরিকের নিরাপত্তা নিশ্চিত করতে বদ্ধপরিকর। বিশেষ প্রতিবেদক : বাংলাদেশের সংখ্যালঘু সম্প্রদায়ের পরিস্থিতি নিয়ে ভারতের পররাষ্ট্র মন্ত্রণালয়ের মুখপাত্রের বক্তব্যকে প্রত্যাখ্যান করেছে ঢাকা। গতকাল রোববার পররাষ্ট্র মন্ত্রণালয়ের মুখপাত্র এক প্রশ্নের
এনসিপি থেকে পদত্যাগ করলেন
(প্রথম পাতার পর)
বিশেষ প্রতিবেদক : বাংলাদেশের সংখ্যালঘু সম্প্রদায়ের পরিস্থিতি নিয়ে ভারতের পররাষ্ট্র মন্ত্রণালয়ের মুখপাত্রের বক্তব্যকে প্রত্যাখ্যান করেছে ঢাকা। গতকাল রোববার পররাষ্ট্র মন্ত্রণালয়ের মুখপাত্র এক প্রশ্নের জবাবে এ কথা বলেন। তিনি বলেন, বাংলাদেশের সংখ্যালঘু সম্প্রদায়ের পরিস্থিতি সম্পর্কে ভারতের বক্তব্য সঠিক নয় এবং তা বাস্তবতা বিবর্জিত। সরকার সকল নাগরিকের নিরাপত্তা নিশ্চিত করতে বদ্ধপরিকর। বিশেষ প্রতিবেদক : বাংলাদেশের সংখ্যালঘু সম্প্রদায়ের পরিস্থিতি নিয়ে ভারতের পররাষ্ট্র মন্ত্রণালয়ের মুখপাত্রের বক্তব্যকে প্রত্যাখ্যান করেছে ঢাকা। গতকাল রোববার
মধ্যবিদের পাঠানই পেতে
(প্রথম পাতার পর)
বিশেষ প্রতিবেদক : বাংলাদেশের সংখ্যালঘু সম্প্রদায়ের পরিস্থিতি নিয়ে ভারতের পররাষ্ট্র মন্ত্রণালয়ের মুখপাত্রের বক্তব্যকে প্রত্যাখ্যান করেছে ঢাকা। গতকাল রোববার পররাষ্ট্র মন্ত্রণালয়ের মুখপাত্র এক প্রশ্নের জবাবে এ কথা বলেন। তিনি বলেন, বাংলাদেশের সংখ্যালঘু সম্প্রদায়ের পরিস্থিতি সম্পর্কে ভারতের বক্তব্য সঠিক নয় এবং তা বাস্তবতা বিবর্জিত। সরকার সকল নাগরিকের নিরাপত্তা নিশ্চিত করতে বদ্ধপরিকর। বিশেষ প্রতিবেদক : বাংলাদেশের সংখ্যালঘু সম্প্রদায়ের পরিস্থিতি নিয়ে ভারতের পররাষ্ট্র মন্ত্রণালয়ের মুখপাত্রের বক্তব্যকে প্রত্যাখ্যান করেছে ঢাকা। গতকাল রোববার পররাষ্ট্র মন্ত্রণালয়ের মুখপাত্র এক প্রশ্নের জবাবে এ কথা বলেন। তিনি বলেন, বাংলাদেশের সংখ্যালঘু সম্প্রদায়ের পরিস্থিতি সম্পর্কে ভারতের বক্তব্য সঠিক নয় এবং তা বাস্তবতা বিবর্জিত। সরকার সকল নাগরিকের নিরাপত্তা নিশ্চিত করতে বদ্ধপরিকর। বিশেষ প্রতিবেদক : বাংলাদেশের সংখ্যালঘু সম্প্রদায়ের পরিস্থিতি নিয়ে ভারতের পররাষ্ট্র মন্ত্রণালয়ের মুখপাত্রের বক্তব্যকে প্রত্যাখ্যান করেছে ঢাকা। গতকাল রোববার পররাষ্ট্র মন্ত্রণালয়ের মুখপাত্র এক প্রশ্নের জবাবে এ কথা বলেন। তিনি বলেন, বাংলাদেশের সংখ্যালঘু সম্প্রদায়ের পরিস্থিতি সম্পর্কে ভারতের বক্তব্য সঠিক নয় এবং তা বাস্তবতা বিবর্জিত। সরকার সকল নাগরিকের নিরাপত্তা নিশ্চিত করতে বদ্ধপরিকর। বিশেষ প্রতিবেদক : বাংলাদেশের সংখ্যালঘু সম্প্রদায়ের পরিস্থিতি নিয়ে ভারতের পররাষ্ট্র মন্ত্রণালয়ের মুখপাত্রের বক্তব্যকে প্রত্যাখ্যান করেছে ঢাকা। গতকাল রোববার পররাষ্ট্র মন্ত্রণালয়ের মুখপাত্র এক প্রশ্নের জবাবে এ কথা বলেন। তিনি বলেন, বাংলাদেশের সংখ্যালঘু সম্প্রদায়ের পরিস্থিতি সম্পর্কে ভারতের বক্তব্য সঠিক নয় এবং তা বাস্তবতা বিবর্জিত। সরকার সকল নাগরিকের নিরাপত্তা নিশ্চিত করতে বদ্ধপরিকর। বিশেষ প্রতিবেদক : বাংলাদেশের সংখ্যালঘু সম্প্রদায়ের পরিস্থিতি নিয়ে ভারতের পররাষ্ট্র মন্ত্রণালয়ের মুখপাত্রের বক্তব্যকে প্রত্যাখ্যান করেছে ঢাকা। গতকাল রোববার পররাষ্ট্র মন্ত্রণালয়ের মুখপাত্র এক প্রশ্নের জবাবে এ কথা বলেন। তিনি বলেন, বাংলাদেশের সংখ্যালঘু সম্প্রদায়ের পরিস্থিতি সম্পর্কে ভারতের বক্তব্য সঠিক নয় এবং তা বাস্তবতা বিবর্জিত। সরকার সকল নাগরিকের নিরাপত্তা নিশ্চিত করতে বদ্ধপরিকর। বিশেষ প্রতিবেদক : বাংলাদেশের সংখ্যালঘু সম্প্রদায়ের পরিস্থিতি নিয়ে ভারতের পররাষ্ট্র মন্ত্রণালয়ের মুখপাত্রের বক্তব্যকে প্রত্যাখ্যান করেছে ঢাকা।
দেশকে অস্থির করার জন্য
(প্রথম পাতার পর)
বিশেষ প্রতিবেদক : বাংলাদেশের সংখ্যালঘু সম্প্রদায়ের পরিস্থিতি নিয়ে ভারতের পররাষ্ট্র মন্ত্রণালয়ের মুখপাত্রের বক্তব্যকে প্রত্যাখ্যান করেছে ঢাকা। গতকাল রোববার পররাষ্ট্র মন্ত্রণালয়ের মুখপাত্র এক প্রশ্নের জবাবে এ কথা বলেন। তিনি বলেন, বাংলাদেশের সংখ্যালঘু সম্প্রদায়ের পরিস্থিতি সম্পর্কে ভারতের বক্তব্য সঠিক নয় এবং তা বাস্তবতা বিবর্জিত। সরকার সকল নাগরিকের নিরাপত্তা নিশ্চিত করতে বদ্ধপরিকর। বিশেষ প্রতিবেদক : বাংলাদেশের সংখ্যালঘু সম্প্রদায়ের পরিস্থিতি নিয়ে ভারতের পররাষ্ট্র মন্ত্রণালয়ের মুখপাত্রের বক্তব্যকে প্রত্যাখ্যান করেছে ঢাকা। গতকাল রোববার পররাষ্ট্র মন্ত্রণালয়ের মুখপাত্র এক প্রশ্নের জবাবে এ কথা বলেন। তিনি বলেন, বাংলাদেশের সংখ্যালঘু সম্প্রদায়ের পরিস্থিতি সম্পর্কে ভারতের বক্তব্য সঠিক নয় এবং তা বাস্তবতা বিবর্জিত। সরকার সকল নাগরিকের নিরাপত্তা নিশ্চিত করতে বদ্ধপরিকর। বিশেষ প্রতিবেদক : বাংলাদেশের সংখ্যালঘু সম্প্রদায়ের পরিস্থিতি নিয়ে ভারতের পররাষ্ট্র মন্ত্রণালয়ের মুখপাত্রের বক্তব্যকে প্রত্যাখ্যান করেছে ঢাকা। গতকাল রোববার পররাষ্ট্র মন্ত্রণালয়ের মুখপাত্র এক প্রশ্নের জবাবে এ কথা বলেন। তিনি বলেন, বাংলাদেশের সংখ্যালঘু সম্প্রদায়ের পরিস্থিতি সম্পর্কে ভারতের বক্তব্য সঠিক নয় এবং তা বাস্তবতা বিবর্জিত। সরকার সকল নাগরিকের নিরাপত্তা নিশ্চিত করতে বদ্ধপরিকর। বিশেষ প্রতিবেদক : বাংলাদেশের সংখ্যালঘু সম্প্রদায়ের পরিস্থিতি নিয়ে ভারতের পররাষ্ট্র মন্ত্রণালয়ের মুখপাত্রের বক্তব্যকে প্রত্যাখ্যান করেছে ঢাকা। গতকাল রোববার পররাষ্ট্র মন্ত্রণালয়ের মুখপাত্র এক প্রশ্নের জবাবে এ কথা বলেন। তিনি বলেন, বাংলাদেশের সংখ্যালঘু সম্প্রদায়ের পরিস্থিতি সম্পর্কে ভারতের বক্তব্য সঠিক নয় এবং তা বাস্তবতা বিবর্জিত। সরকার সকল নাগরিকের নিরাপত্তা নিশ্চিত করতে বদ্ধপরিকর। বিশেষ প্রতিবেদক : বাংলাদেশের সংখ্যালঘু সম্প্রদায়ের পরিস্থিতি নিয়ে ভারতের পররাষ্ট্র মন্ত্রণালয়ের মুখপাত্রের বক্তব্যকে প্রত্যাখ্যান করেছে ঢাকা। গতকাল রোববার পররাষ্ট্র মন্ত্রণালয়ের মুখপাত্র এক প্রশ্নের জবাবে এ কথা বলেন। তিনি বলেন, বাংলাদেশের সংখ্যালঘু সম্প্রদায়ের পরিস্থিতি সম্পর্কে ভারতের বক্তব্য সঠিক নয় এবং তা বাস্তবতা বিবর্জিত। সরকার সকল নাগরিকের নিরাপত্তা নিশ্চিত করতে বদ্ধপরিকর। বিশেষ প্রতিবেদক : বাংলাদেশের সংখ্যালঘু সম্প্রদায়ের পরিস্থিতি নিয়ে ভারতের পররাষ্ট্র মন্ত্রণালয়ের মুখপাত্রের বক্তব্যকে প্রত্যাখ্যান করেছে ঢাকা। গতকাল রোববার পররাষ্ট্র মন্ত্রণালয়ের মুখপাত্র এক প্রশ্নের জবাবে এ কথা বলেন। তিনি বলেন, বাংলাদেশের সংখ্যালঘু সম্প্রদায়ের পরিস্থিতি সম্পর্কে ভারতের বক্তব্য সঠিক নয় এবং তা বাস্তবতা বিবর্জিত। সরকার সকল নাগরিকের নিরাপত্তা নিশ্চিত করতে বদ্ধপরিকর। বিশেষ প্রতিবেদক : বাংলাদেশের সংখ্যালঘু সম্প্রদায়ের পরিস্থিতি নিয়ে ভারতের পররাষ্ট্র মন্ত্রণালয়ের মুখপাত্রের বক্তব্যকে প্রত্যাখ্যান করেছে ঢাকা। গতকাল রোববার পররাষ্ট্র মন্ত্রণালয়ের মুখপাত্র এক প্রশ্নের জবাবে এ কথা বলেন। তিনি বলেন, বাংলাদেশের সংখ্যালঘু সম্প্রদায়ের পরিস্থিতি সম্পর্কে ভারতের বক্তব্য সঠিক নয় এবং তা বাস্তবতা বিবর্জিত। সরকার সকল নাগরিকের নিরাপত্তা নিশ্চিত করতে বদ্ধপরিকর। বিশেষ প্রতিবেদক : বাংলাদেশের সংখ্যালঘু সম্প্রদায়ের পরিস্থিতি নিয়ে ভারতের পররাষ্ট্র মন্ত্রণালয়ের মুখপাত্রের বক্তব্যকে প্রত্যাখ্যান করেছে ঢাকা। গতকাল রোববার পররাষ্ট্র মন্ত্রণালয়ের মুখপাত্র এক প্রশ্নের জবাবে এ কথা বলেন। তিনি বলেন, বাংলাদেশের সংখ্যালঘু সম্প্রদায়ের পরিস্থিতি সম্পর্কে ভারতের বক্তব্য সঠিক নয় এবং তা বাস্তবতা বিবর্জিত। সরকার সকল নাগরিকের নিরাপত্তা নিশ্চিত করতে বদ্ধপরিকর। বিশেষ প্রতিবেদক : বাংলাদেশের সংখ্যালঘু সম্প্রদায়ের পরিস্থিতি নিয়ে ভারতের পররাষ্ট্র মন্ত্রণালয়ের মুখপাত্রের বক্তব্যকে প্রত্যাখ্যান করেছে ঢাকা। গতকাল রোববার পররাষ্ট্র মন্ত্রণালয়ের মুখপাত্র এক প্রশ্নের জবাবে এ কথা বলেন। তিনি বলেন, বাংলাদেশের সংখ্যালঘু সম্প্রদায়ের পরিস্থিতি সম্পর্কে ভারতের বক্তব্য সঠিক নয় এবং তা বাস্তবতা বিবর্জিত। সরকার সকল নাগরিকের নিরাপত্তা নিশ্চিত করতে বদ্ধপরিকর। বিশেষ প্রতিবেদক : বাংলাদেশের সংখ্যালঘু সম্প্রদায়ের পরিস্থিতি নিয়ে ভারতের পররাষ্ট্র মন্ত্রণালয়ের মুখপাত্রের বক্তব্যকে প্রত্যাখ্যান করেছে ঢাকা। গতকাল রোববার পররাষ্ট্র মন্ত্রণালয়ের মুখপাত্র এক প্রশ্নের জবাবে এ কথা বলেন। তিনি বলেন, বাংলাদেশের সংখ্যালঘু সম্প্রদায়ের পরিস্থিতি সম্পর্কে ভারতের বক্তব্য সঠিক নয় এবং তা বাস্তবতা বিবর্জিত। সরকার সকল নাগরিকের নিরাপত্তা নিশ্চিত করতে বদ্ধপরিকর। বিশেষ প্রতিবেদক : বাংলাদেশের সংখ্যালঘু সম্প্রদায়ের পরিস্থিতি নিয়ে ভারতের পররাষ্ট্র মন্ত্রণালয়ের মুখপাত্রের বক্তব্যকে প্রত্যাখ্যান করেছে ঢাকা। গতকাল রোববার পররাষ্ট্র মন্ত্রণালয়ের মুখপাত্র এক প্রশ্নের জবাবে এ কথা বলেন। তিনি বলেন, বাংলাদেশের সংখ্যালঘু সম্প্রদায়ের পরিস্থিতি সম্পর্কে ভারতের বক্তব্য সঠিক নয় এবং তা বাস্তবতা বিবর্জিত। সরকার সকল নাগরিকের নিরাপত্তা নিশ্চিত করতে বদ্ধপরিকর। বিশেষ প্রতিবেদক : বাংলাদেশের সংখ্যালঘু সম্প্রদায়ের পরিস্থিতি নিয়ে ভারতের পররাষ্ট্র মন্ত্রণালয়ের মুখপাত্রের বক্তব্যকে প্রত্যাখ্যান করেছে ঢাকা। গতকাল রোববার পররাষ্ট্র মন্ত্রণালয়ের মুখপাত্র এক প্রশ্নের জবাবে এ কথা বলেন। তিনি বলেন, বাংলাদেশের সংখ্যালঘু সম্প্রদায়ের পরিস্থিতি সম্পর্কে ভারতের বক্তব্য সঠিক নয় এবং তা বাস্তবতা বিবর্জিত। সরকার সকল নাগরিকের নিরাপত্তা নিশ্চিত করতে বদ্ধপরিকর।
নাগরিকদের পদক দেবে
(প্রথম পাতার পর)
বিশেষ প্রতিবেদক : বাংলাদেশের সংখ্যালঘু সম্প্রদায়ের পরিস্থিতি নিয়ে ভারতের পররাষ্ট্র মন্ত্রণালয়ের মুখপাত্রের বক্তব্যকে প্রত্যাখ্যান করেছে ঢাকা। গতকাল রোববার পররাষ্ট্র মন্ত্রণালয়ের মুখপাত্র এক প্রশ্নের জবাবে এ কথা বলেন। তিনি বলেন, বাংলাদেশের সংখ্যালঘু সম্প্রদায়ের পরিস্থিতি সম্পর্কে ভারতের বক্তব্য সঠিক নয় এবং তা বাস্তবতা বিবর্জিত। সরকার সকল নাগরিকের নিরাপত্তা নিশ্চিত করতে বদ্ধপরিকর। বিশেষ প্রতিবেদক : বাংলাদেশের সংখ্যালঘু সম্প্রদায়ের পরিস্থিতি নিয়ে ভারতের পররাষ্ট্র মন্ত্রণালয়ের মুখপাত্রের বক্তব্যকে প্রত্যাখ্যান করেছে ঢাকা। গতকাল রোববার পররাষ্ট্র মন্ত্রণালয়ের মুখপাত্র এক প্রশ্নের জবাবে এ কথা বলেন। তিনি বলেন, বাংলাদেশের সংখ্যালঘু সম্প্রদায়ের পরিস্থিতি সম্পর্কে ভারতের বক্তব্য সঠিক নয় এবং তা বাস্তবতা বিবর্জিত। সরকার সকল নাগরিকের নিরাপত্তা নিশ্চিত করতে বদ্ধপরিকর। বিশেষ প্রতিবেদক : বাংলাদেশের সংখ্যালঘু সম্প্রদায়ের
এনসিপি ও এনসিপি আমাদের
(প্রথম পাতার পর)
বিশেষ প্রতিবেদক : বাংলাদেশের সংখ্যালঘু সম্প্রদায়ের পরিস্থিতি নিয়ে ভারতের পররাষ্ট্র মন্ত্রণালয়ের মুখপাত্রের বক্তব্যকে প্রত্যাখ্যান করেছে ঢাকা। গতকাল রোববার পররাষ্ট্র মন্ত্রণালয়ের মুখপাত্র এক প্রশ্নের জবাবে এ কথা বলেন। তিনি বলেন, বাংলাদেশের সংখ্যালঘু সম্প্রদায়ের পরিস্থিতি সম্পর্কে ভারতের বক্তব্য সঠিক নয় এবং তা বাস্তবতা বিবর্জিত। সরকার সকল নাগরিকের নিরাপত্তা নিশ্চিত করতে বদ্ধপরিকর। বিশেষ প্রতিবেদক : বাংলাদেশের সংখ্যালঘু সম্প্রদায়ের পরিস্থিতি নিয়ে ভারতের পররাষ্ট্র মন্ত্রণালয়ের মুখপাত্রের বক্তব্যকে প্রত্যাখ্যান করেছে ঢাকা। গতকাল রোববার
মিডিয়া হচ্ছে সরকারের
(প্রথম পাতার পর)
বিশেষ প্রতিবেদক : বাংলাদেশের সংখ্যালঘু সম্প্রদায়ের পরিস্থিতি নিয়ে ভারতের পররাষ্ট্র মন্ত্রণালয়ের মুখপাত্রের বক্তব্যকে প্রত্যাখ্যান করেছে ঢাকা। গতকাল রোববার পররাষ্ট্র মন্ত্রণালয়ের মুখপাত্র এক প্রশ্নের জবাবে এ কথা বলেন। তিনি বলেন, বাংলাদেশের সংখ্যালঘু সম্প্রদায়ের পরিস্থিতি সম্পর্কে ভারতের বক্তব্য সঠিক নয় এবং তা বাস্তবতা বিবর্জিত। সরকার সকল নাগরিকের নিরাপত্তা নিশ্চিত করতে বদ্ধপরিকর। বিশেষ প্রতিবেদক : বাংলাদেশের সংখ্যালঘু সম্প্রদায়ের পরিস্থিতি নিয়ে ভারতের পররাষ্ট্র মন্ত্রণালয়ের মুখপাত্রের বক্তব্যকে প্রত্যাখ্যান করেছে ঢাকা। গতকাল রোববার পররাষ্ট্র মন্ত্রণালয়ের মুখপাত্র এক প্রশ্নের জবাবে এ কথা বলেন। তিনি বলেন, বাংলাদেশের সংখ্যালঘু সম্প্রদায়ের পরিস্থিতি সম্পর্কে ভারতের বক্তব্য সঠিক নয় এবং তা বাস্তবতা বিবর্জিত। সরকার সকল নাগরিকের নিরাপত্তা নিশ্চিত করতে বদ্ধপরিকর। বিশেষ প্রতিবেদক : বাংলাদেশের সংখ্যালঘু সম্প্রদায়ের পরিস্থিতি নিয়ে ভারতের পররাষ্ট্র মন্ত্রণালয়ের মুখপাত্রের বক্তব্যকে প্রত্যাখ্যান করেছে ঢাকা। গতকাল রোববার পররাষ্ট্র মন্ত্রণালয়ের মুখপাত্র এক প্রশ্নের জবাবে এ কথা বলেন। তিনি বলেন, বাংলাদেশের সংখ্যালঘু সম্প্রদায়ের পরিস্থিতি সম্পর্কে ভারতের বক্তব্য সঠিক নয় এবং তা বাস্তবতা বিবর্জিত। সরকার সকল নাগরিকের নিরাপত্তা নিশ্চিত করতে বদ্ধপরিকর। বিশেষ প্রতিবেদক : বাংলাদেশের সংখ্যালঘু সম্প্রদায়ের পরিস্থিতি নিয়ে ভারতের পররাষ্ট্র মন্ত্রণালয়ের মুখপাত্রের বক্তব্যকে প্রত্যাখ্যান করেছে ঢাকা। গতকাল রোববার পররাষ্ট্র মন্ত্রণালয়ের মুখপাত্র এক প্রশ্নের জবাবে এ কথা বলেন। তিনি বলেন, বাংলাদেশের সংখ্যালঘু সম্প্রদায়ের পরিস্থিতি সম্পর্কে ভারতের বক্তব্য সঠিক নয় এবং তা বাস্তবতা বিবর্জিত। সরকার সকল নাগরিকের নিরাপত্তা নিশ্চিত করতে বদ্ধপরিকর। বিশেষ প্রতিবেদক : বাংলাদেশের সংখ্যালঘু সম্প্রদায়ের পরিস্থিতি নিয়ে ভারতের পররাষ্ট্র মন্ত্রণালয়ের মুখপাত্রের বক্তব্যকে প্রত্যাখ্যান করেছে ঢাকা। গতকাল রোববার পররাষ্ট্র মন্ত্রণালয়ের মুখপাত্র এক প্রশ্নের জবাবে এ কথা বলেন। তিনি বলেন, বাংলাদেশের সংখ্যালঘু সম্প্রদায়ের পরিস্থিতি সম্পর্কে ভারতের বক্তব্য সঠিক নয় এবং তা বাস্তবতা বিবর্জিত। সরকার সকল নাগরিকের নিরাপত্তা নিশ্চিত করতে বদ্ধপরিকর।
জামায়াত 'নির্ভরযোগ্য মিত্র
(প্রথম পাতার পর)
বিশেষ প্রতিবেদক : বাংলাদেশের সংখ্যালঘু সম্প্রদায়ের পরিস্থিতি নিয়ে ভারতের পররাষ্ট্র মন্ত্রণালয়ের মুখপাত্রের বক্তব্যকে প্রত্যাখ্যান করেছে ঢাকা। গতকাল রোববার পররাষ্ট্র মন্ত্রণালয়ের মুখপাত্র এক প্রশ্নের জবাবে এ কথা বলেন। তিনি বলেন, বাংলাদেশের সংখ্যালঘু সম্প্রদায়ের পরিস্থিতি সম্পর্কে ভারতের বক্তব্য সঠিক নয় এবং তা বাস্তবতা বিবর্জিত। সরকার সকল নাগরিকের নিরাপত্তা নিশ্চিত করতে বদ্ধপরিকর। বিশেষ প্রতিবেদক : বাংলাদেশের সংখ্যালঘু সম্প্রদায়ের পরিস্থিতি নিয়ে ভারতের পররাষ্ট্র মন্ত্রণালয়ের মুখপাত্রের বক্তব্যকে প্রত্যাখ্যান করেছে ঢাকা। গতকাল রোববার পররাষ্ট্র মন্ত্রণালয়ের মুখপাত্র এক প্রশ্নের জবাবে এ কথা বলেন। তিনি বলেন, বাংলাদেশের সংখ্যালঘু সম্প্রদায়ের পরিস্থিতি সম্পর্কে ভারতের বক্তব্য সঠিক নয় এবং তা বাস্তবতা বিবর্জিত। সরকার সকল নাগরিকের নিরাপত্তা নিশ্চিত করতে বদ্ধপরিকর। বিশেষ প্রতিবেদক : বাংলাদেশের সংখ্যালঘু সম্প্রদায়ের পরিস্থিতি নিয়ে ভারতের পররাষ্ট্র মন্ত্রণালয়ের মুখপাত্রের বক্তব্যকে প্রত্যাখ্যান করেছে ঢাকা। গতকাল রোববার পররাষ্ট্র মন্ত্রণালয়ের মুখপাত্র এক প্রশ্নের জবাবে এ কথা বলেন। তিনি বলেন, বাংলাদেশের সংখ্যালঘু সম্প্রদায়ের পরিস্থিতি সম্পর্কে ভারতের বক্তব্য সঠিক নয় এবং তা বাস্তবতা বিবর্জিত। সরকার সকল নাগরিকের নিরাপত্তা নিশ্চিত করতে বদ্ধপরিকর। বিশেষ প্রতিবেদক : বাংলাদেশের সংখ্যালঘু সম্প্রদায়ের পরিস্থিতি নিয়ে ভারতের পররাষ্ট্র মন্ত্রণালয়ের মুখপাত্রের বক্তব্যকে প্রত্যাখ্যান করেছে ঢাকা। গতকাল রোববার পররাষ্ট্র মন্ত্রণালয়ের মুখপাত্র এক প্রশ্নের জবাবে এ কথা বলেন। তিনি বলেন, বাংলাদেশের সংখ্যালঘু সম্প্রদায়ের পরিস্থিতি সম্পর্কে ভারতের বক্তব্য সঠিক নয় এবং তা বাস্তবতা বিবর্জিত। সরকার সকল নাগরিকের নিরাপত্তা নিশ্চিত করতে বদ্ধপরিকর। বিশেষ প্রতিবেদক : বাংলাদেশের সংখ্যালঘু সম্প্রদায়ের পরিস্থিতি নিয়ে ভারতের পররাষ্ট্র মন্ত্রণালয়ের মুখপাত্রের বক্তব্যকে প্রত্যাখ্যান করেছে ঢাকা। গতকাল রোববার পররাষ্ট্র মন্ত্রণালয়ের মুখপাত্র এক প্রশ্নের জবাবে এ কথা বলেন। তিনি বলেন, বাংলাদেশের সংখ্যালঘু সম্প্রদায়ের পরিস্থিতি সম্পর্কে ভারতের বক্তব্য সঠিক নয় এবং তা বাস্তবতা বিবর্জিত। সরকার সকল নাগরিকের নিরাপত্তা নিশ্চিত করতে বদ্ধপরিকর। বিশেষ প্রতিবেদক : বাংলাদেশের সংখ্যালঘু সম্প্রদায়ের পরিস্থিতি নিয়ে ভারতের পররাষ্ট্র মন্ত্রণালয়ের মুখপাত্রের বক্তব্যকে প্রত্যাখ্যান করেছে ঢাকা। গতকাল রোববার পররাষ্ট্র মন্ত্রণালয়ের মুখপাত্র এক প্রশ্নের জবাবে এ কথা বলেন। তিনি বলেন, বাংলাদেশের সংখ্যালঘু সম্প্রদায়ের পরিস্থিতি সম্পর্কে ভারতের বক্তব্য সঠিক নয় এবং তা বাস্তবতা বিবর্জিত। সরকার সকল নাগরিকের নিরাপত্তা নিশ্চিত করতে বদ্ধপরিকর। বিশেষ প্রতিবেদক : বাংলাদেশের সংখ্যালঘু সম্প্রদায়ের পরিস্থিতি নিয়ে ভারতের পররাষ্ট্র মন্ত্রণালয়ের মুখপাত্রের বক্তব্যকে প্রত্যাখ্যান করেছে ঢাকা। গতকাল রোববার পররাষ্ট্র মন্ত্রণালয়ের মুখপাত্র এক প্রশ্নের জবাবে এ কথা বলেন। তিনি বলেন, বাংলাদেশের সংখ্যালঘু সম্প্রদায়ের পরিস্থিতি সম্পর্কে ভারতের বক্তব্য সঠিক নয় এবং তা বাস্তবতা বিবর্জিত। সরকার সকল নাগরিকের নিরাপত্তা নিশ্চিত করতে বদ্ধপরিকর। বিশেষ প্রতিবেদক : বাংলাদেশের সংখ্যালঘু সম্প্রদায়ের পরিস্থিতি নিয়ে ভারতের পররাষ্ট্র মন্ত্রণালয়ের মুখপাত্রের বক্তব্যকে প্রত্যাখ্যান করেছে ঢাকা। গতকাল রোববার পররাষ্ট্র মন্ত্রণালয়ের মুখপাত্র এক প্রশ্নের জবাবে এ কথা বলেন। তিনি বলেন, বাংলাদেশের সংখ্যালঘু সম্প্রদায়ের পরিস্থিতি সম্পর্কে ভারতের বক্তব্য সঠিক নয় এবং তা বাস্তবতা বিবর্জিত।
বৃহত্তর ঐক্যের স্বার্থে আট
(প্রথম পাতার পর)
বিশেষ প্রতিবেদক : বাংলাদেশের সংখ্যালঘু সম্প্রদায়ের পরিস্থিতি নিয়ে ভারতের পররাষ্ট্র মন্ত্রণালয়ের মুখপাত্রের বক্তব্যকে প্রত্যাখ্যান করেছে ঢাকা। গতকাল রোববার পররাষ্ট্র মন্ত্রণালয়ের মুখপাত্র এক প্রশ্নের জবাবে এ কথা বলেন। তিনি বলেন, বাংলাদেশের সংখ্যালঘু সম্প্রদায়ের পরিস্থিতি সম্পর্কে ভারতের বক্তব্য সঠিক নয় এবং তা বাস্তবতা বিবর্জিত। সরকার সকল নাগরিকের নিরাপত্তা নিশ্চিত করতে বদ্ধপরিকর। বিশেষ প্রতিবেদক : বাংলাদেশের সংখ্যালঘু সম্প্রদায়ের পরিস্থিতি নিয়ে ভারতের পররাষ্ট্র মন্ত্রণালয়ের মুখপাত্রের বক্তব্যকে প্রত্যাখ্যান করেছে ঢাকা। গতকাল রোববার পররাষ্ট্র মন্ত্রণালয়ের মুখপাত্র এক প্রশ্নের জবাবে এ কথা বলেন। তিনি বলেন, বাংলাদেশের সংখ্যালঘু সম্প্রদায়ের পরিস্থিতি সম্পর্কে ভারতের বক্তব্য সঠিক নয় এবং তা বাস্তবতা বিবর্জিত। সরকার সকল নাগরিকের নিরাপত্তা নিশ্চিত করতে বদ্ধপরিকর। বিশেষ প্রতিবেদক : বাংলাদেশের সংখ্যালঘু সম্প্রদায়ের পরিস্থিতি নিয়ে ভারতের পররাষ্ট্র মন্ত্রণালয়ের মুখপাত্রের বক্তব্যকে প্রত্যাখ্যান করেছে ঢাকা। গতকাল রোববার পররাষ্ট্র মন্ত্রণালয়ের মুখপাত্র এক প্রশ্নের জবাবে এ কথা বলেন। তিনি বলেন, বাংলাদেশের সংখ্যালঘু সম্প্রদায়ের পরিস্থিতি সম্পর্কে ভারতের বক্তব্য সঠিক নয় এবং তা বাস্তবতা বিবর্জিত। সরকার সকল নাগরিকের নিরাপত্তা নিশ্চিত করতে বদ্ধপরিকর। বিশেষ প্রতিবেদক : বাংলাদেশের সংখ্যালঘু সম্প্রদায়ের পরিস্থিতি নিয়ে ভারতের পররাষ্ট্র মন্ত্রণালয়ের মুখপাত্রের বক্তব্যকে প্রত্যাখ্যান করেছে ঢাকা। গতকাল রোববার পররাষ্ট্র মন্ত্রণালয়ের মুখপাত্র এক প্রশ্নের জবাবে এ কথা বলেন। তিনি
